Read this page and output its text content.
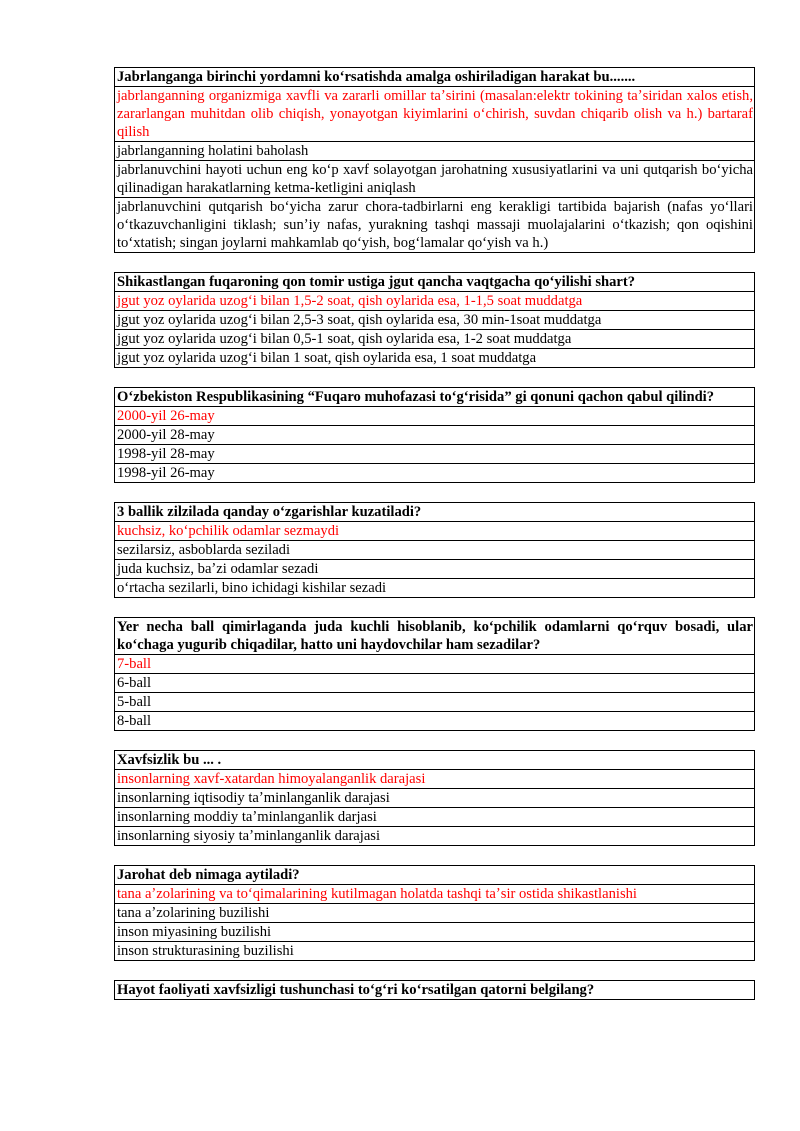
Jabrlanganga birinchi yordamni koʻrsatishda amalga oshiriladigan harakat bu.......
jabrlanganning organizmiga xavfli va zararli omillar taʼsirini (masalan:elektr tokining taʼsiridan xalos etish, zararlangan muhitdan olib chiqish, yonayotgan kiyimlarini oʻchirish, suvdan chiqarib olish va h.) bartaraf qilish
jabrlanganning holatini baholash
jabrlanuvchini hayoti uchun eng koʻp xavf solayotgan jarohatning xususiyatlarini va uni qutqarish boʻyicha qilinadigan harakatlarning ketma-ketligini aniqlash
jabrlanuvchini qutqarish boʻyicha zarur chora-tadbirlarni eng kerakligi tartibida bajarish (nafas yoʻllari oʻtkazuvchanligini tiklash; sunʼiy nafas, yurakning tashqi massaji muolajalarini oʻtkazish; qon oqishini toʻxtatish; singan joylarni mahkamlab qoʻyish, bogʻlamalar qoʻyish va h.)
Shikastlangan fuqaroning qon tomir ustiga jgut qancha vaqtgacha qoʻyilishi shart?
jgut yoz oylarida uzogʻi bilan 1,5-2 soat, qish oylarida esa, 1-1,5 soat muddatga
jgut yoz oylarida uzogʻi bilan 2,5-3 soat, qish oylarida esa, 30 min-1soat muddatga
jgut yoz oylarida uzogʻi bilan 0,5-1 soat, qish oylarida esa, 1-2 soat muddatga
jgut yoz oylarida uzogʻi bilan 1 soat, qish oylarida esa, 1 soat muddatga
Oʻzbekiston Respublikasining “Fuqaro muhofazasi toʻgʻrisida” gi qonuni qachon qabul qilindi?
2000-yil 26-may
2000-yil 28-may
1998-yil 28-may
1998-yil 26-may
3 ballik zilzilada qanday oʻzgarishlar kuzatiladi?
kuchsiz, koʻpchilik odamlar sezmaydi
sezilarsiz, asboblarda seziladi
juda kuchsiz, baʼzi odamlar sezadi
oʻrtacha sezilarli, bino ichidagi kishilar sezadi
Yer necha ball qimirlaganda juda kuchli hisoblanib, koʻpchilik odamlarni qoʻrquv bosadi, ular koʻchaga yugurib chiqadilar, hatto uni haydovchilar ham sezadilar?
7-ball
6-ball
5-ball
8-ball
Xavfsizlik bu ... .
insonlarning xavf-xatardan himoyalanganlik darajasi
insonlarning iqtisodiy taʼminlanganlik darajasi
insonlarning moddiy taʼminlanganlik darjasi
insonlarning siyosiy taʼminlanganlik darajasi
Jarohat deb nimaga aytiladi?
tana aʼzolarining va toʻqimalarining kutilmagan holatda tashqi taʼsir ostida shikastlanishi
tana aʼzolarining buzilishi
inson miyasining buzilishi
inson strukturasining buzilishi
Hayot faoliyati xavfsizligi tushunchasi toʻgʻri koʻrsatilgan qatorni belgilang?
